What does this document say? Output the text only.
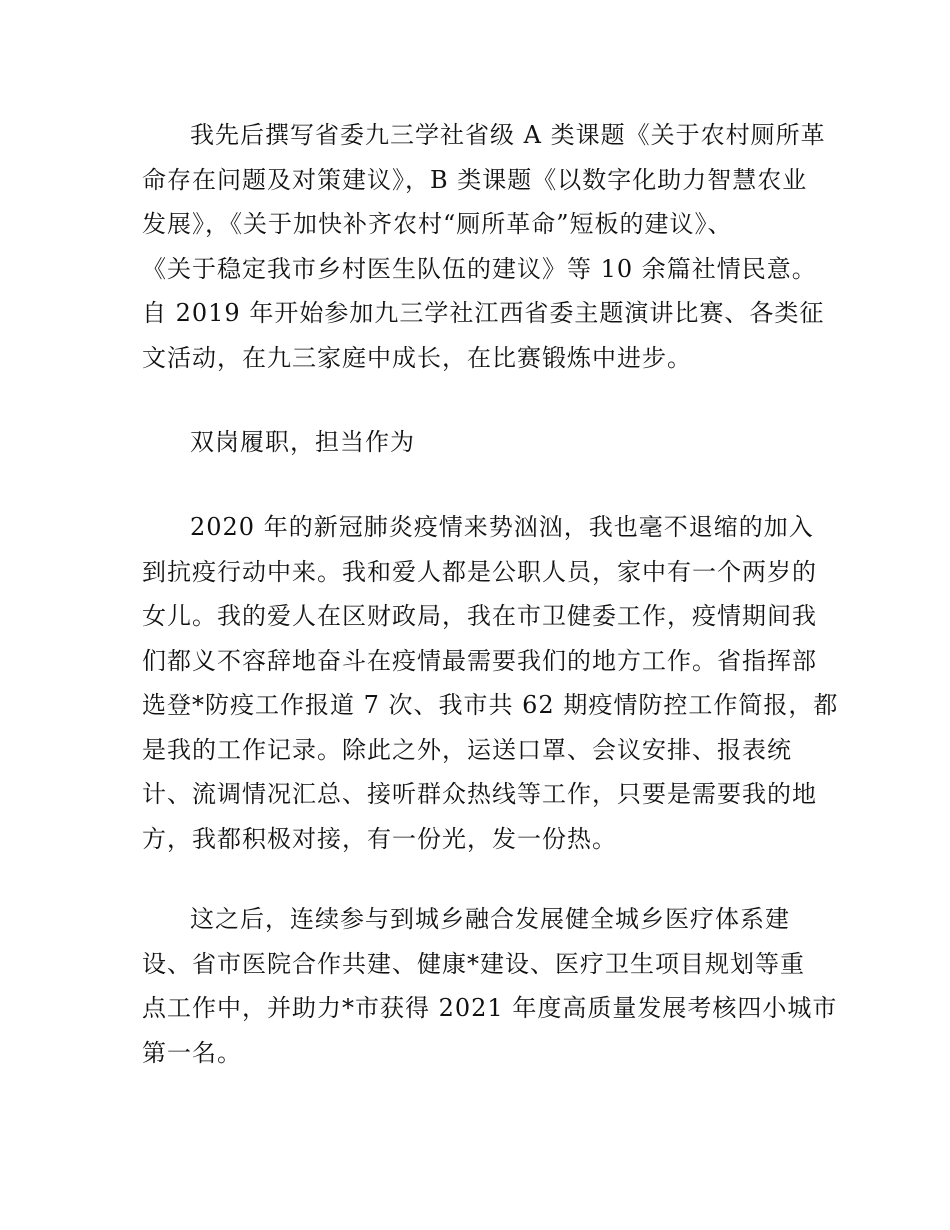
我先后撰写省委九三学社省级 A 类课题《关于农村厕所革
命存在问题及对策建议》，B 类课题《以数字化助力智慧农业
发展》，《关于加快补齐农村“厕所革命”短板的建议》、
《关于稳定我市乡村医生队伍的建议》等 10 余篇社情民意。
自 2019 年开始参加九三学社江西省委主题演讲比赛、各类征
文活动，在九三家庭中成长，在比赛锻炼中进步。

双岗履职，担当作为

2020 年的新冠肺炎疫情来势汹汹，我也毫不退缩的加入
到抗疫行动中来。我和爱人都是公职人员，家中有一个两岁的
女儿。我的爱人在区财政局，我在市卫健委工作，疫情期间我
们都义不容辞地奋斗在疫情最需要我们的地方工作。省指挥部
选登*防疫工作报道 7 次、我市共 62 期疫情防控工作简报，都
是我的工作记录。除此之外，运送口罩、会议安排、报表统
计、流调情况汇总、接听群众热线等工作，只要是需要我的地
方，我都积极对接，有一份光，发一份热。

这之后，连续参与到城乡融合发展健全城乡医疗体系建
设、省市医院合作共建、健康*建设、医疗卫生项目规划等重
点工作中，并助力*市获得 2021 年度高质量发展考核四小城市
第一名。
